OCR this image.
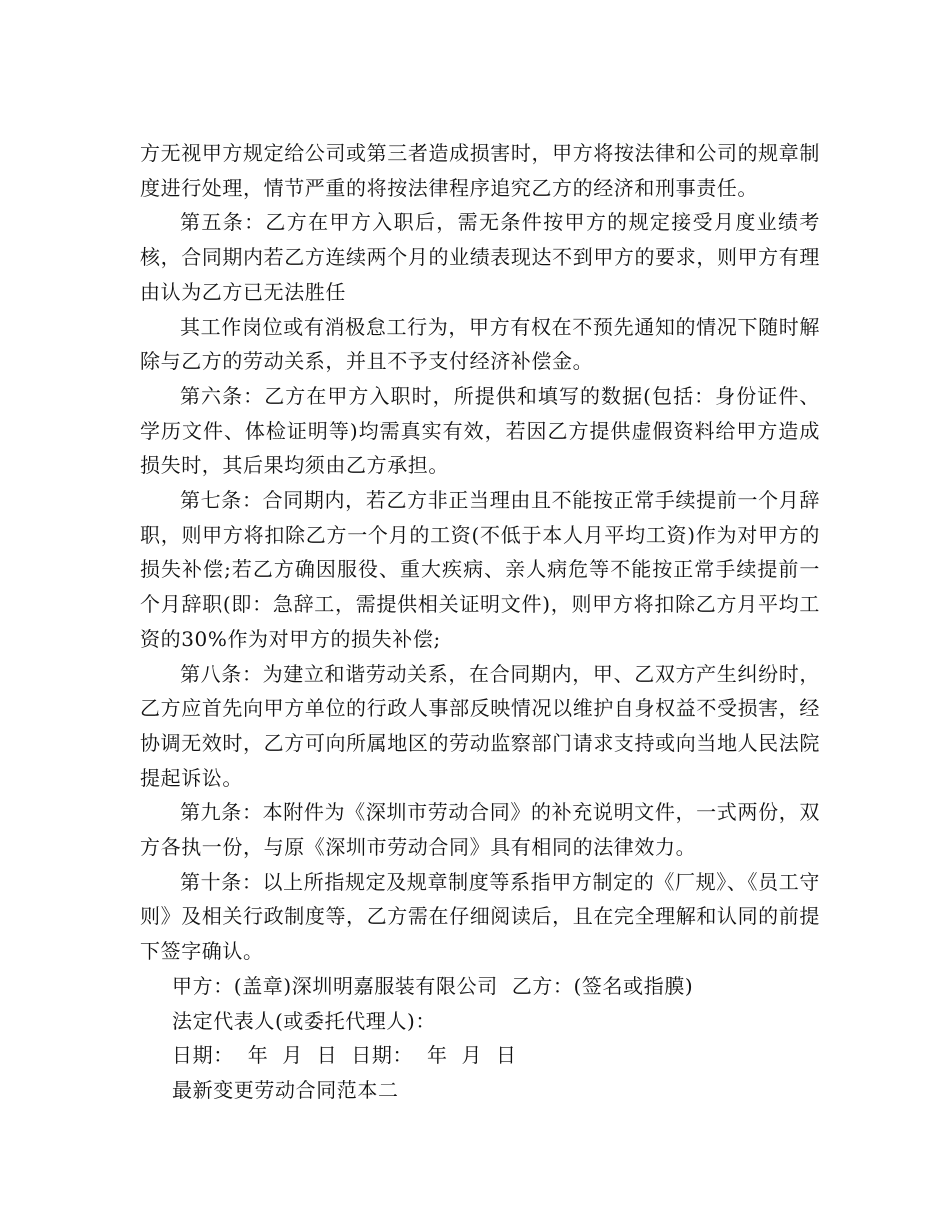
方无视甲方规定给公司或第三者造成损害时，甲方将按法律和公司的规章制度进行处理，情节严重的将按法律程序追究乙方的经济和刑事责任。

第五条：乙方在甲方入职后，需无条件按甲方的规定接受月度业绩考核，合同期内若乙方连续两个月的业绩表现达不到甲方的要求，则甲方有理由认为乙方已无法胜任

其工作岗位或有消极怠工行为，甲方有权在不预先通知的情况下随时解除与乙方的劳动关系，并且不予支付经济补偿金。

第六条：乙方在甲方入职时，所提供和填写的数据(包括：身份证件、学历文件、体检证明等)均需真实有效，若因乙方提供虚假资料给甲方造成损失时，其后果均须由乙方承担。

第七条：合同期内，若乙方非正当理由且不能按正常手续提前一个月辞职，则甲方将扣除乙方一个月的工资(不低于本人月平均工资)作为对甲方的损失补偿;若乙方确因服役、重大疾病、亲人病危等不能按正常手续提前一个月辞职(即：急辞工，需提供相关证明文件)，则甲方将扣除乙方月平均工资的30%作为对甲方的损失补偿;

第八条：为建立和谐劳动关系，在合同期内，甲、乙双方产生纠纷时，乙方应首先向甲方单位的行政人事部反映情况以维护自身权益不受损害，经协调无效时，乙方可向所属地区的劳动监察部门请求支持或向当地人民法院提起诉讼。

第九条：本附件为《深圳市劳动合同》的补充说明文件，一式两份，双方各执一份，与原《深圳市劳动合同》具有相同的法律效力。

第十条：以上所指规定及规章制度等系指甲方制定的《厂规》、《员工守则》及相关行政制度等，乙方需在仔细阅读后，且在完全理解和认同的前提下签字确认。

甲方：(盖章)深圳明嘉服装有限公司  乙方：(签名或指膜)

法定代表人(或委托代理人)：

日期：  年  月  日  日期：  年  月  日

最新变更劳动合同范本二
